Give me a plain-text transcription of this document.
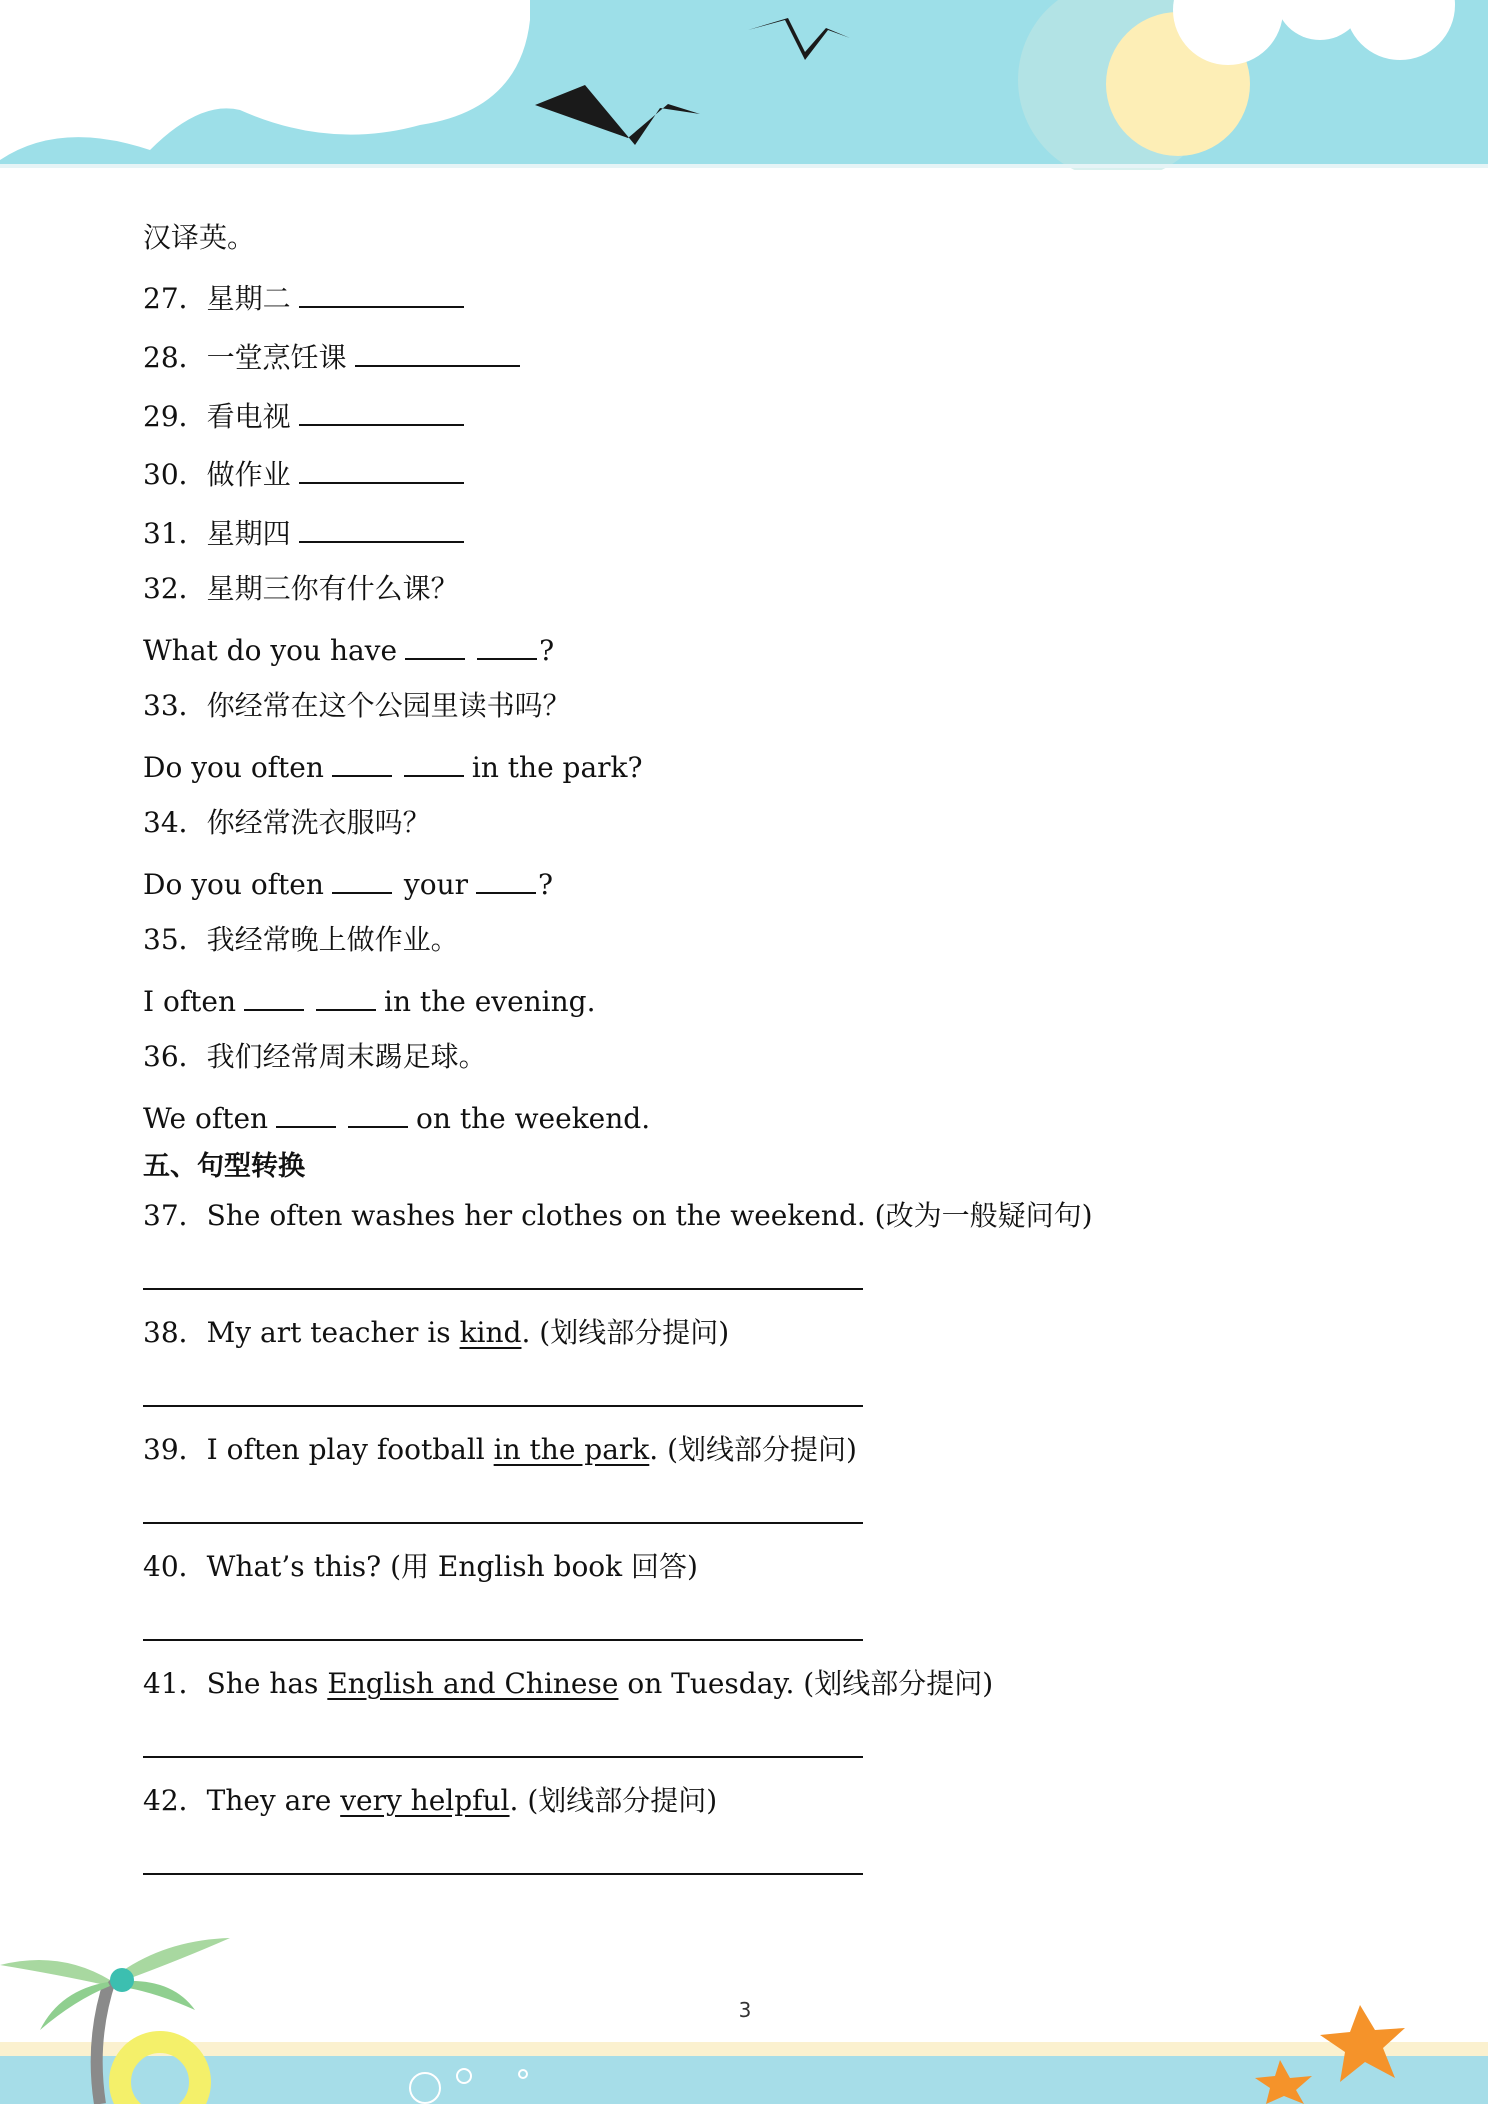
汉译英。
27．星期二
28．一堂烹饪课
29．看电视
30．做作业
31．星期四
32．星期三你有什么课？
What do you have	?
33．你经常在这个公园里读书吗？
Do you often	in the park?
34．你经常洗衣服吗？
Do you often	your	?
35．我经常晚上做作业。
I often	in the evening.
36．我们经常周末踢足球。
We often	on the weekend.
五、句型转换
37．She often washes her clothes on the weekend. (改为一般疑问句)
38．My art teacher is kind. (划线部分提问)
39．I often play football in the park. (划线部分提问)
40．What’s this? (用 English book 回答)
41．She has English and Chinese on Tuesday. (划线部分提问)
42．They are very helpful. (划线部分提问)
3
